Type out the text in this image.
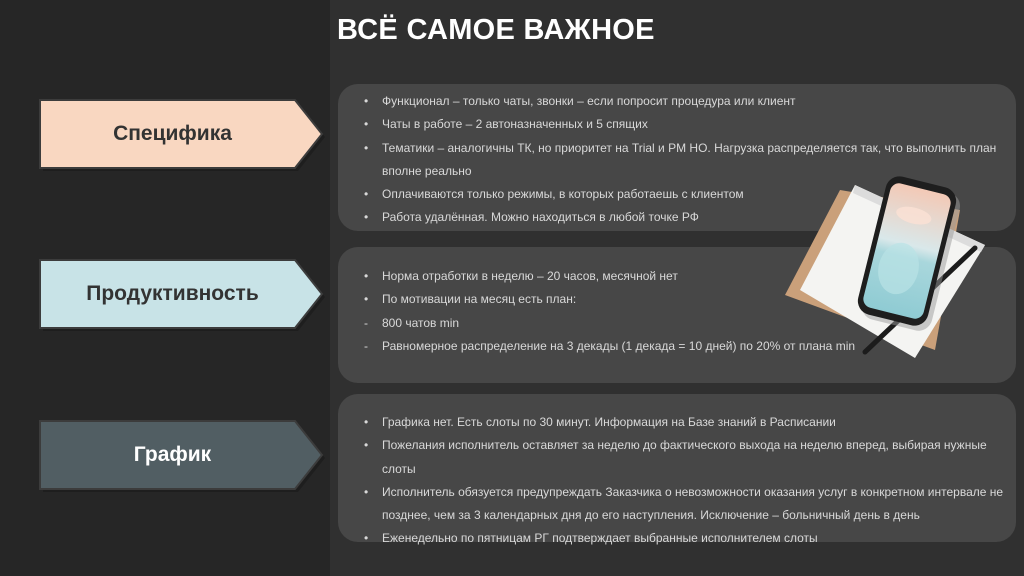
ВСЁ САМОЕ ВАЖНОЕ
Специфика
Продуктивность
График
• Функционал – только чаты, звонки – если попросит процедура или клиент
• Чаты в работе – 2 автоназначенных и 5 спящих
• Тематики – аналогичны ТК, но приоритет на Trial и PM HO. Нагрузка распределяется так, что выполнить план
вполне реально
• Оплачиваются только режимы, в которых работаешь с клиентом
• Работа удалённая. Можно находиться в любой точке РФ
• Норма отработки в неделю – 20 часов, месячной нет
• По мотивации на месяц есть план:
- 800 чатов min
- Равномерное распределение на 3 декады (1 декада = 10 дней) по 20% от плана min
• Графика нет. Есть слоты по 30 минут. Информация на Базе знаний в Расписании
• Пожелания исполнитель оставляет за неделю до фактического выхода на неделю вперед, выбирая нужные слоты
• Исполнитель обязуется предупреждать Заказчика о невозможности оказания услуг в конкретном интервале не
позднее, чем за 3 календарных дня до его наступления. Исключение – больничный день в день
• Еженедельно по пятницам РГ подтверждает выбранные исполнителем слоты
